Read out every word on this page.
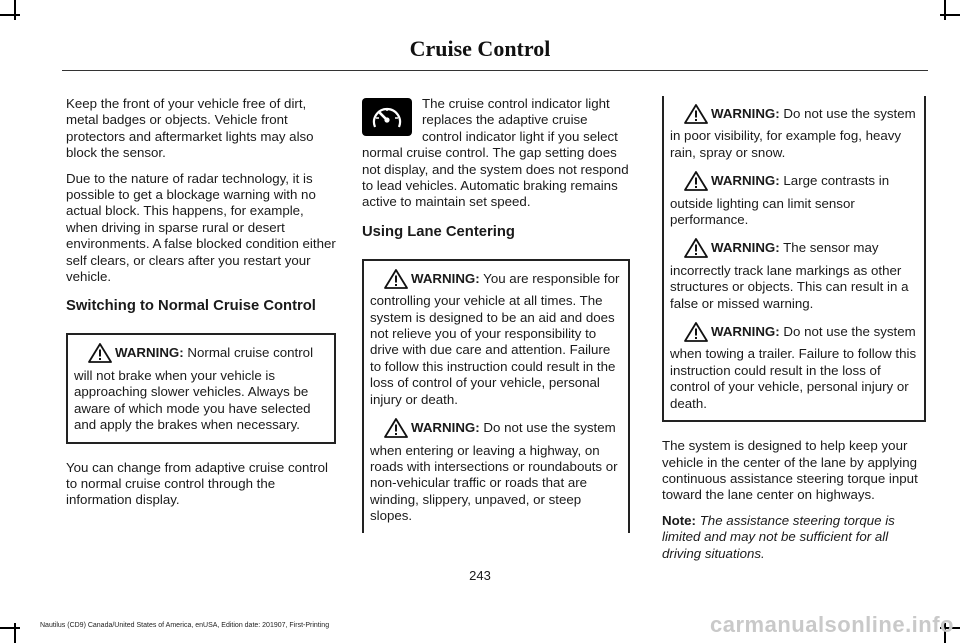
Cruise Control

Keep the front of your vehicle free of dirt, metal badges or objects. Vehicle front protectors and aftermarket lights may also block the sensor.

Due to the nature of radar technology, it is possible to get a blockage warning with no actual block. This happens, for example, when driving in sparse rural or desert environments. A false blocked condition either self clears, or clears after you restart your vehicle.

Switching to Normal Cruise Control

WARNING: Normal cruise control will not brake when your vehicle is approaching slower vehicles. Always be aware of which mode you have selected and apply the brakes when necessary.

You can change from adaptive cruise control to normal cruise control through the information display.

The cruise control indicator light replaces the adaptive cruise control indicator light if you select normal cruise control. The gap setting does not display, and the system does not respond to lead vehicles. Automatic braking remains active to maintain set speed.

Using Lane Centering

WARNING: You are responsible for controlling your vehicle at all times. The system is designed to be an aid and does not relieve you of your responsibility to drive with due care and attention. Failure to follow this instruction could result in the loss of control of your vehicle, personal injury or death.

WARNING: Do not use the system when entering or leaving a highway, on roads with intersections or roundabouts or non-vehicular traffic or roads that are winding, slippery, unpaved, or steep slopes.

WARNING: Do not use the system in poor visibility, for example fog, heavy rain, spray or snow.

WARNING: Large contrasts in outside lighting can limit sensor performance.

WARNING: The sensor may incorrectly track lane markings as other structures or objects. This can result in a false or missed warning.

WARNING: Do not use the system when towing a trailer. Failure to follow this instruction could result in the loss of control of your vehicle, personal injury or death.

The system is designed to help keep your vehicle in the center of the lane by applying continuous assistance steering torque input toward the lane center on highways.

Note: The assistance steering torque is limited and may not be sufficient for all driving situations.

243
Nautilus (CD9) Canada/United States of America, enUSA, Edition date: 201907, First-Printing	carmanualsonline.info
